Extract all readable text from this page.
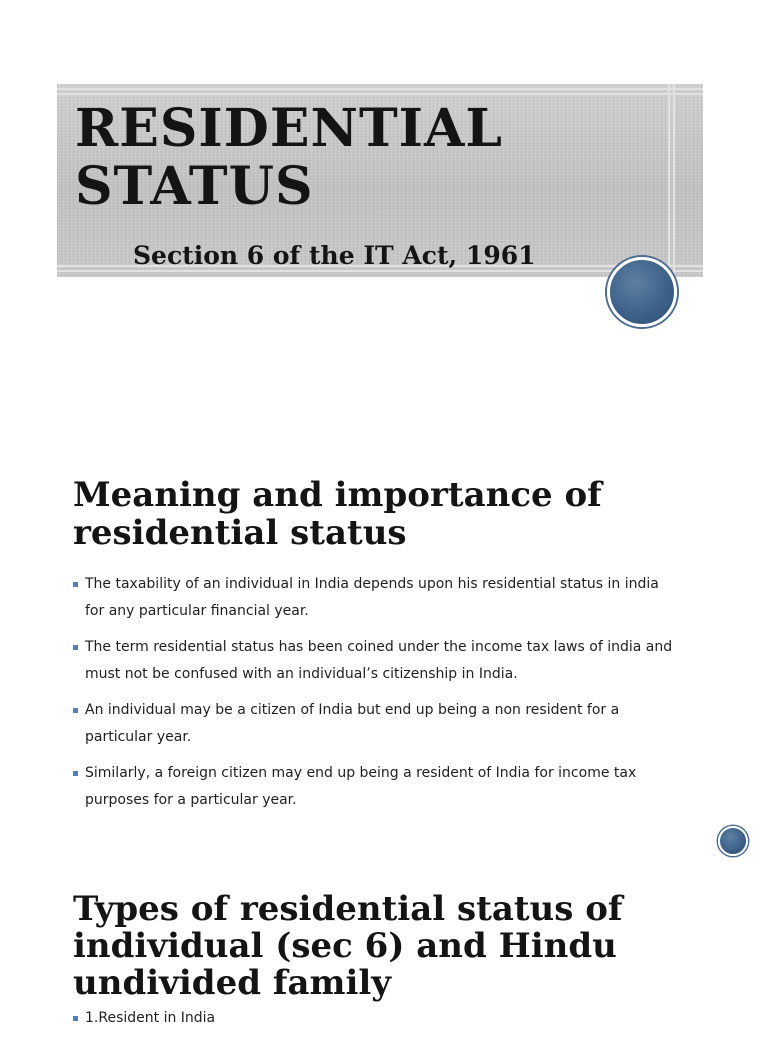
RESIDENTIAL
STATUS

Section 6 of the IT Act, 1961

Meaning and importance of
residential status
The taxability of an individual in India depends upon his residential status in india
for any particular financial year.
The term residential status has been coined under the income tax laws of india and
must not be confused with an individual’s citizenship in India.
An individual may be a citizen of India but end up being a non resident for a
particular year.
Similarly, a foreign citizen may end up being a resident of India for income tax
purposes for a particular year.
Types of residential status of
individual (sec 6) and Hindu
undivided family
1.Resident in India
